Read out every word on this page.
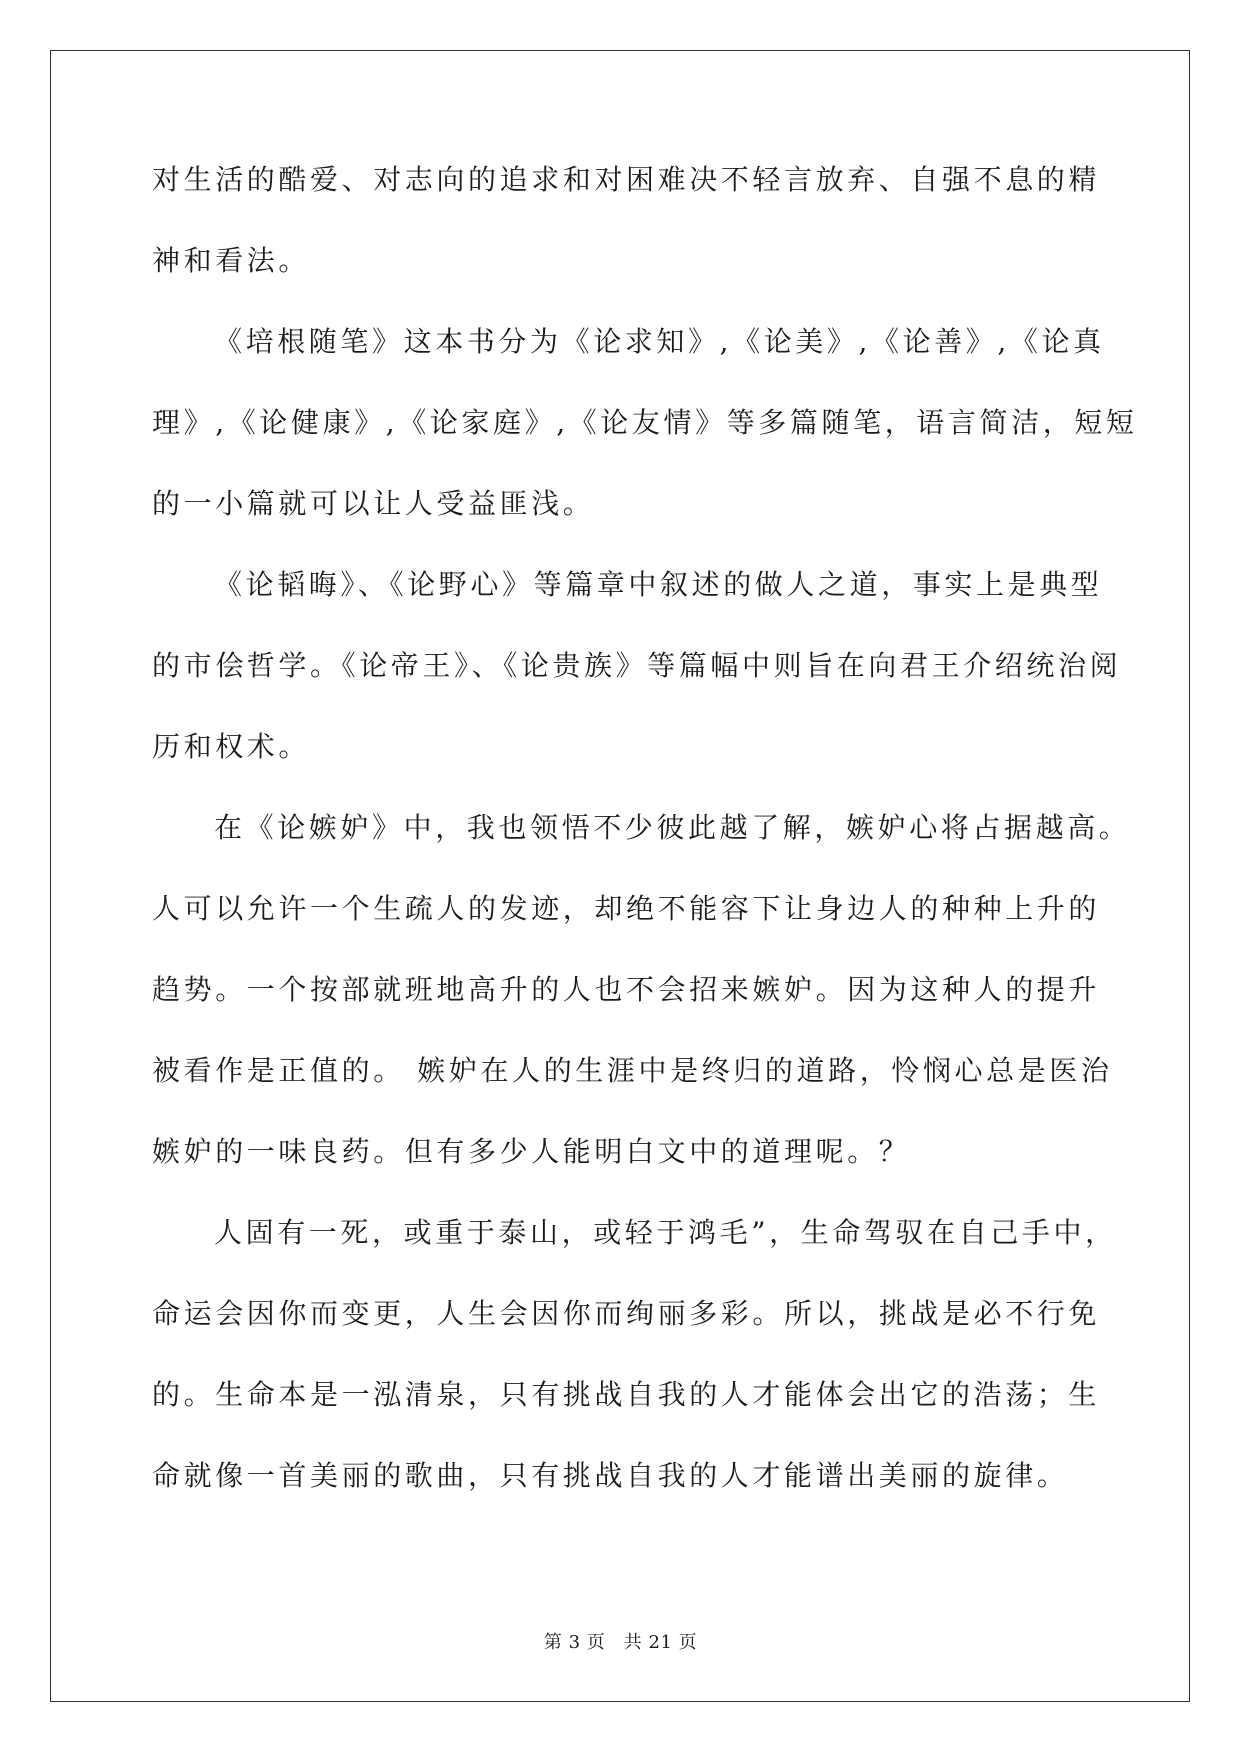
对生活的酷爱、对志向的追求和对困难决不轻言放弃、自强不息的精
神和看法。
《培根随笔》这本书分为《论求知》,《论美》,《论善》,《论真
理》,《论健康》,《论家庭》,《论友情》等多篇随笔，语言简洁，短短
的一小篇就可以让人受益匪浅。
《论韬晦》、《论野心》等篇章中叙述的做人之道，事实上是典型
的市侩哲学。《论帝王》、《论贵族》等篇幅中则旨在向君王介绍统治阅
历和权术。
在《论嫉妒》中，我也领悟不少彼此越了解，嫉妒心将占据越高。
人可以允许一个生疏人的发迹，却绝不能容下让身边人的种种上升的
趋势。一个按部就班地高升的人也不会招来嫉妒。因为这种人的提升
被看作是正值的。 嫉妒在人的生涯中是终归的道路，怜悯心总是医治
嫉妒的一味良药。但有多少人能明白文中的道理呢。？
人固有一死，或重于泰山，或轻于鸿毛”，生命驾驭在自己手中，
命运会因你而变更，人生会因你而绚丽多彩。所以，挑战是必不行免
的。生命本是一泓清泉，只有挑战自我的人才能体会出它的浩荡；生
命就像一首美丽的歌曲，只有挑战自我的人才能谱出美丽的旋律。
第 3 页　共 21 页
